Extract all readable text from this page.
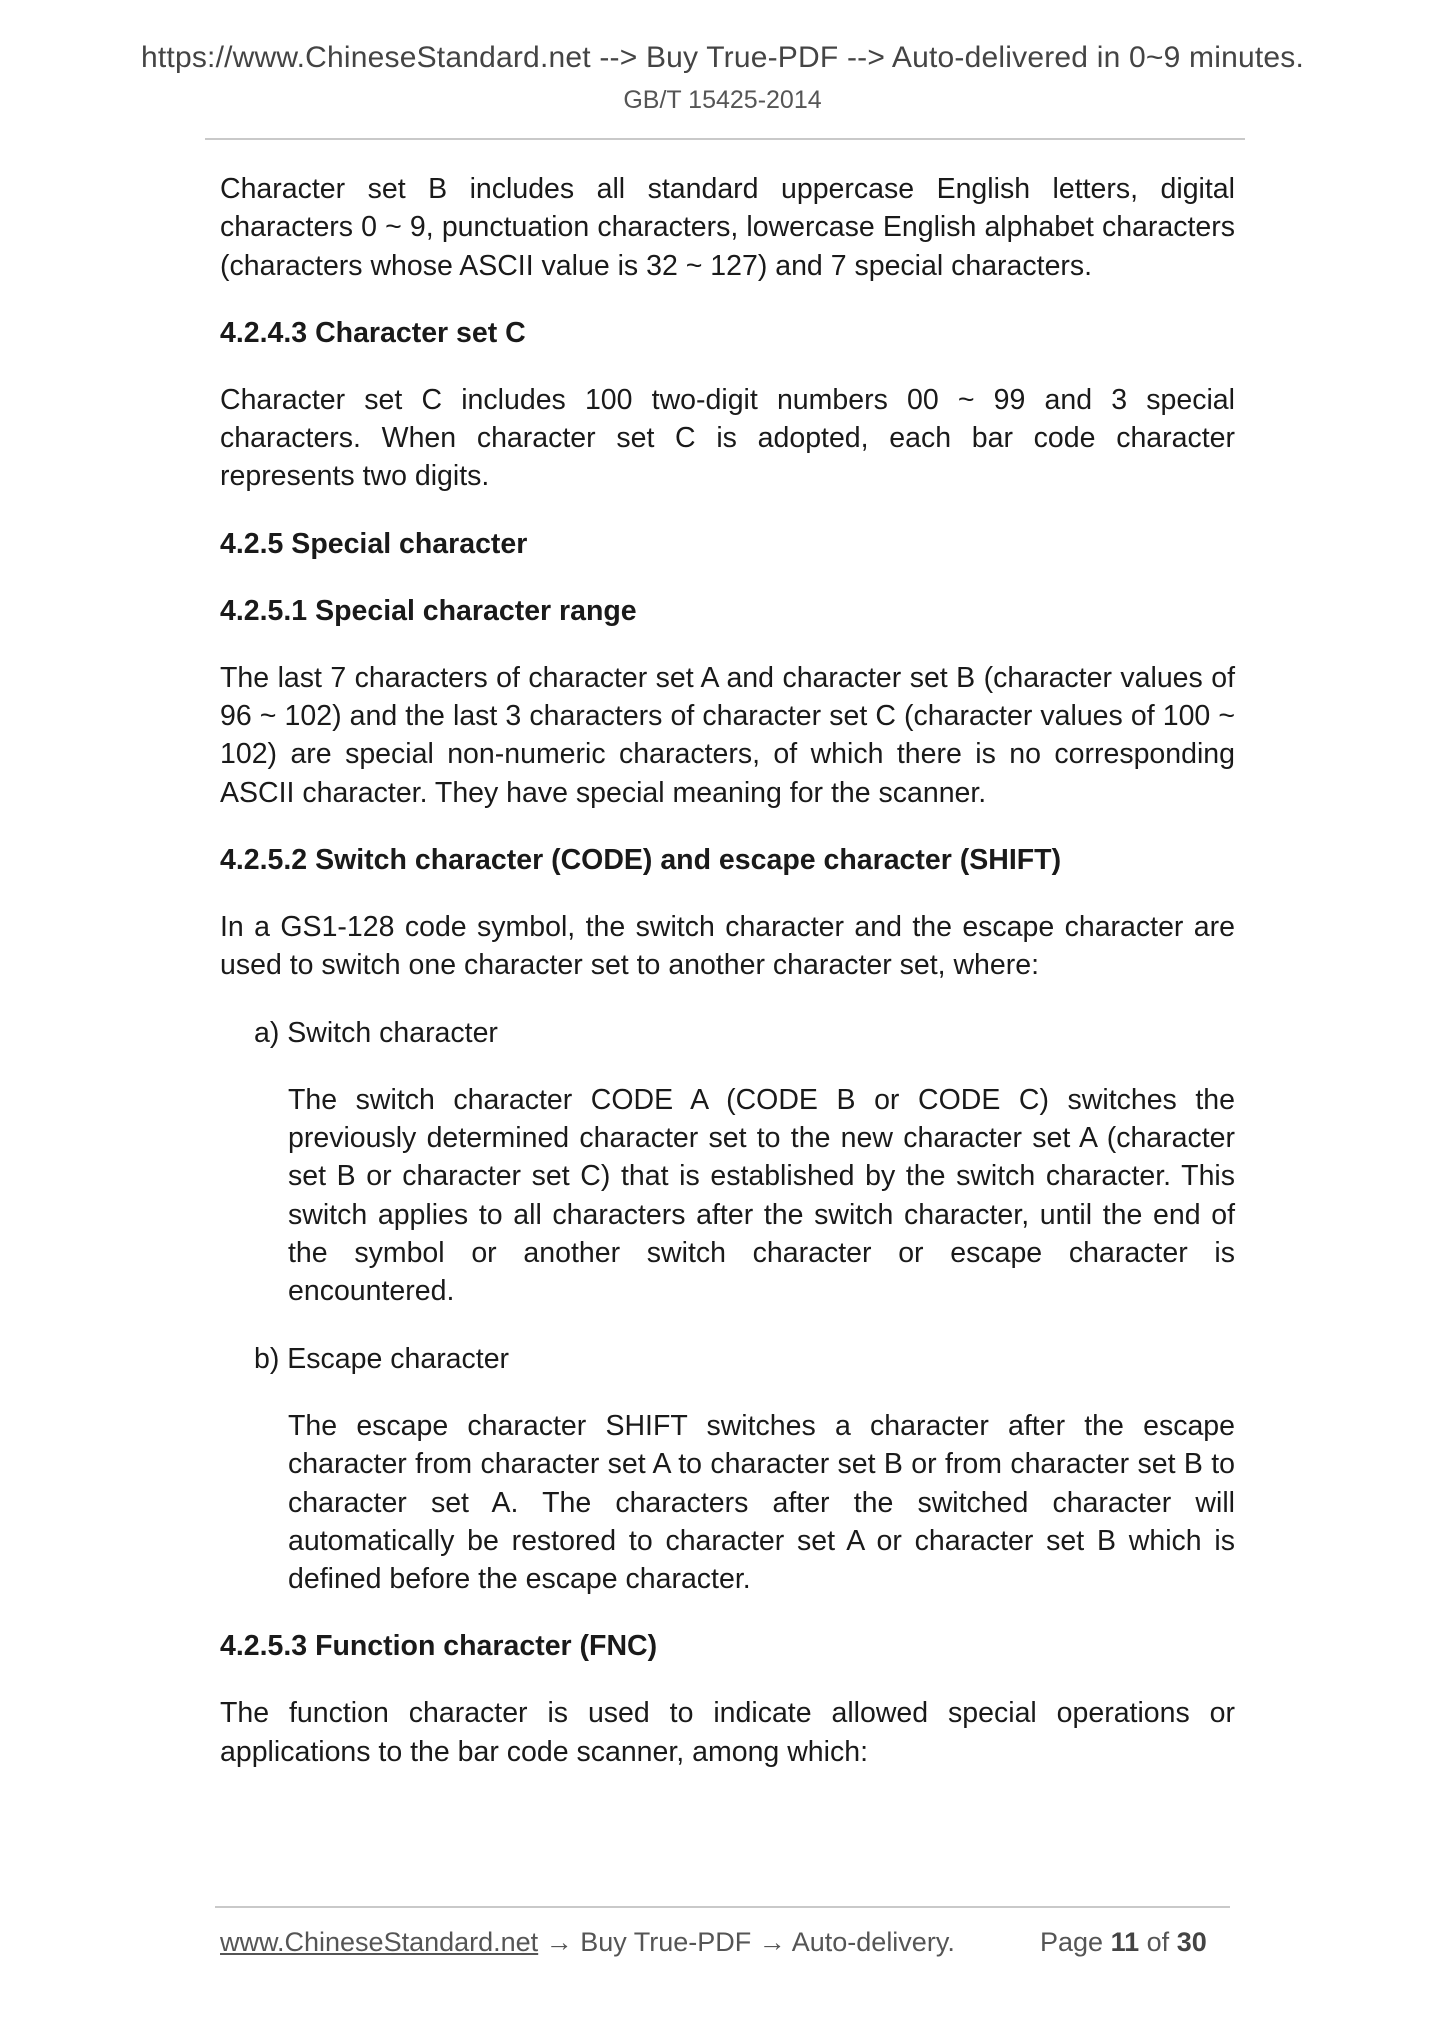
https://www.ChineseStandard.net --> Buy True-PDF --> Auto-delivered in 0~9 minutes.
GB/T 15425-2014

Character set B includes all standard uppercase English letters, digital characters 0 ~ 9, punctuation characters, lowercase English alphabet characters (characters whose ASCII value is 32 ~ 127) and 7 special characters.

4.2.4.3 Character set C

Character set C includes 100 two-digit numbers 00 ~ 99 and 3 special characters. When character set C is adopted, each bar code character represents two digits.

4.2.5 Special character
4.2.5.1 Special character range

The last 7 characters of character set A and character set B (character values of 96 ~ 102) and the last 3 characters of character set C (character values of 100 ~ 102) are special non-numeric characters, of which there is no corresponding ASCII character. They have special meaning for the scanner.

4.2.5.2 Switch character (CODE) and escape character (SHIFT)

In a GS1-128 code symbol, the switch character and the escape character are used to switch one character set to another character set, where:

a) Switch character

The switch character CODE A (CODE B or CODE C) switches the previously determined character set to the new character set A (character set B or character set C) that is established by the switch character. This switch applies to all characters after the switch character, until the end of the symbol or another switch character or escape character is encountered.

b) Escape character

The escape character SHIFT switches a character after the escape character from character set A to character set B or from character set B to character set A. The characters after the switched character will automatically be restored to character set A or character set B which is defined before the escape character.

4.2.5.3 Function character (FNC)

The function character is used to indicate allowed special operations or applications to the bar code scanner, among which:

www.ChineseStandard.net → Buy True-PDF → Auto-delivery.	Page 11 of 30
